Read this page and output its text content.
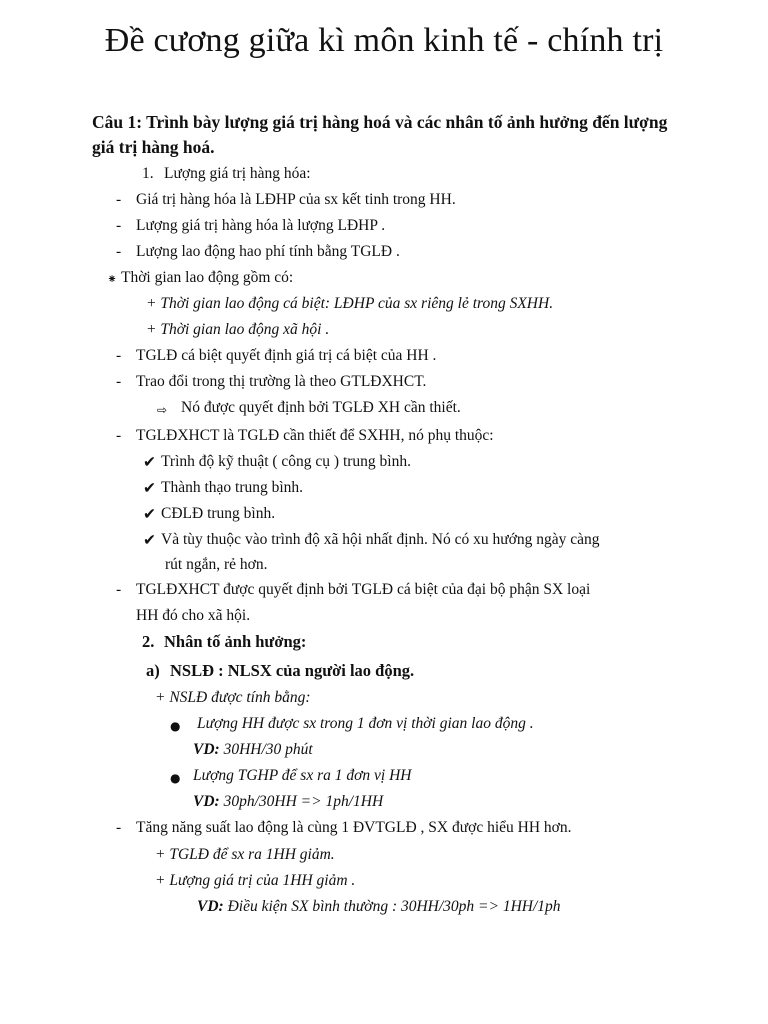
Đề cương giữa kì môn kinh tế - chính trị
Câu 1: Trình bày lượng giá trị hàng hoá và các nhân tố ảnh hưởng đến lượng giá trị hàng hoá.
1. Lượng giá trị hàng hóa:
- Giá trị hàng hóa là LĐHP của sx kết tinh trong HH.
- Lượng giá trị hàng hóa là lượng LĐHP .
- Lượng lao động hao phí tính bằng TGLĐ .
⁕ Thời gian lao động gồm có:
+ Thời gian lao động cá biệt: LĐHP của sx riêng lẻ trong SXHH.
+ Thời gian lao động xã hội .
- TGLĐ cá biệt quyết định giá trị cá biệt của HH .
- Trao đổi trong thị trường là theo GTLĐXHCT.
⇨ Nó được quyết định bởi TGLĐ XH cần thiết.
- TGLĐXHCT là TGLĐ cần thiết để SXHH, nó phụ thuộc:
✔ Trình độ kỹ thuật ( công cụ ) trung bình.
✔ Thành thạo trung bình.
✔ CĐLĐ trung bình.
✔ Và tùy thuộc vào trình độ xã hội nhất định. Nó có xu hướng ngày càng
rút ngắn, rẻ hơn.
- TGLĐXHCT được quyết định bởi TGLĐ cá biệt của đại bộ phận SX loại
HH đó cho xã hội.
2. Nhân tố ảnh hưởng:
a) NSLĐ : NLSX của người lao động.
+ NSLĐ được tính bằng:
● Lượng HH được sx trong 1 đơn vị thời gian lao động .
VD: 30HH/30 phút
● Lượng TGHP để sx ra 1 đơn vị HH
VD: 30ph/30HH => 1ph/1HH
- Tăng năng suất lao động là cùng 1 ĐVTGLĐ , SX được hiểu HH hơn.
+ TGLĐ để sx ra 1HH giảm.
+ Lượng giá trị của 1HH giảm .
VD: Điều kiện SX bình thường : 30HH/30ph => 1HH/1ph
